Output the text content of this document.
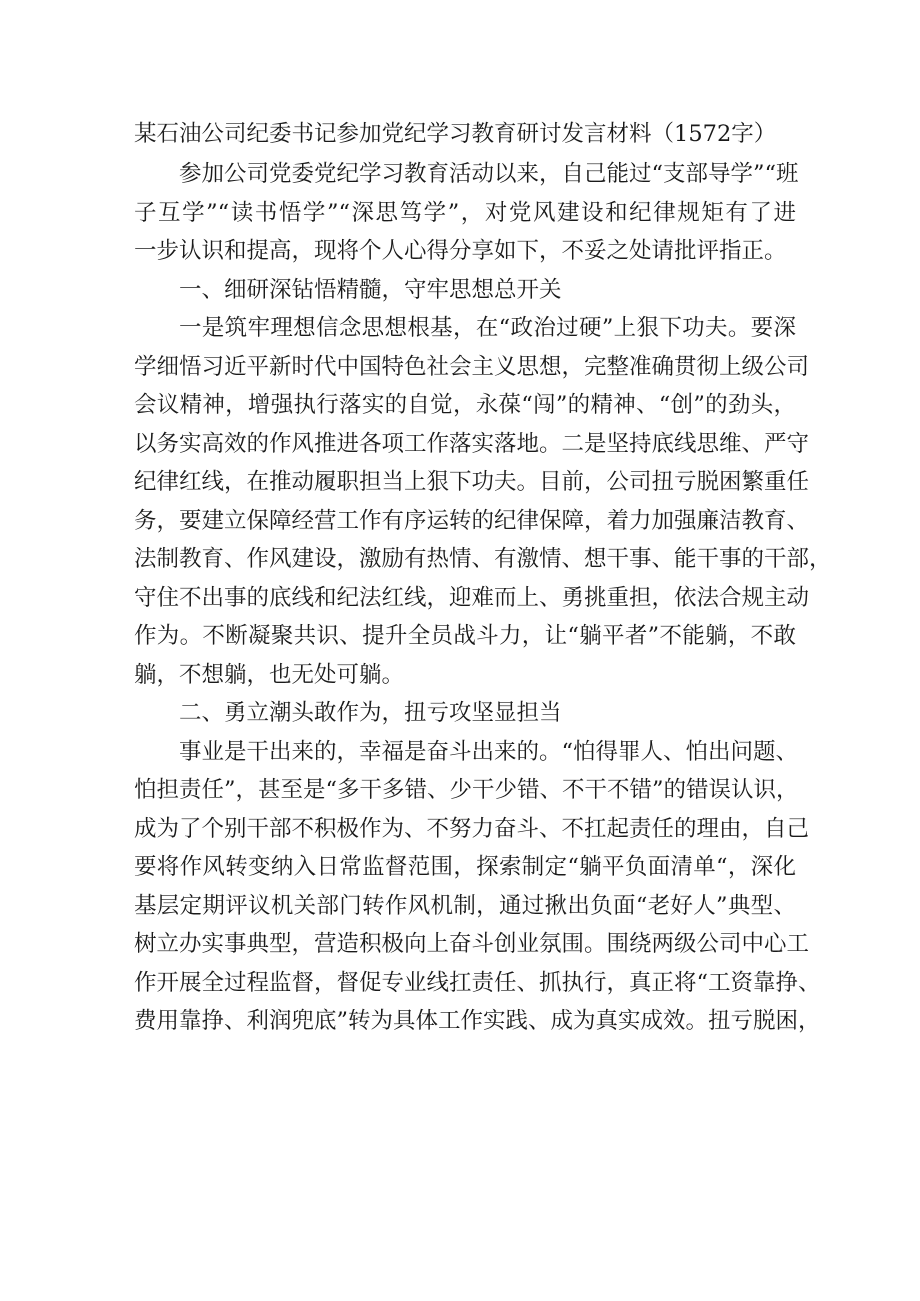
某石油公司纪委书记参加党纪学习教育研讨发言材料（1572字）
参加公司党委党纪学习教育活动以来，自己能过“支部导学”“班
子互学”“读书悟学”“深思笃学”，对党风建设和纪律规矩有了进
一步认识和提高，现将个人心得分享如下，不妥之处请批评指正。
一、细研深钻悟精髓，守牢思想总开关
一是筑牢理想信念思想根基，在“政治过硬”上狠下功夫。要深
学细悟习近平新时代中国特色社会主义思想，完整准确贯彻上级公司
会议精神，增强执行落实的自觉，永葆“闯”的精神、“创”的劲头，
以务实高效的作风推进各项工作落实落地。二是坚持底线思维、严守
纪律红线，在推动履职担当上狠下功夫。目前，公司扭亏脱困繁重任
务，要建立保障经营工作有序运转的纪律保障，着力加强廉洁教育、
法制教育、作风建设，激励有热情、有激情、想干事、能干事的干部，
守住不出事的底线和纪法红线，迎难而上、勇挑重担，依法合规主动
作为。不断凝聚共识、提升全员战斗力，让“躺平者”不能躺，不敢
躺，不想躺，也无处可躺。
二、勇立潮头敢作为，扭亏攻坚显担当
事业是干出来的，幸福是奋斗出来的。“怕得罪人、怕出问题、
怕担责任”，甚至是“多干多错、少干少错、不干不错”的错误认识，
成为了个别干部不积极作为、不努力奋斗、不扛起责任的理由，自己
要将作风转变纳入日常监督范围，探索制定“躺平负面清单“，深化
基层定期评议机关部门转作风机制，通过揪出负面“老好人”典型、
树立办实事典型，营造积极向上奋斗创业氛围。围绕两级公司中心工
作开展全过程监督，督促专业线扛责任、抓执行，真正将“工资靠挣、
费用靠挣、利润兜底”转为具体工作实践、成为真实成效。扭亏脱困，
